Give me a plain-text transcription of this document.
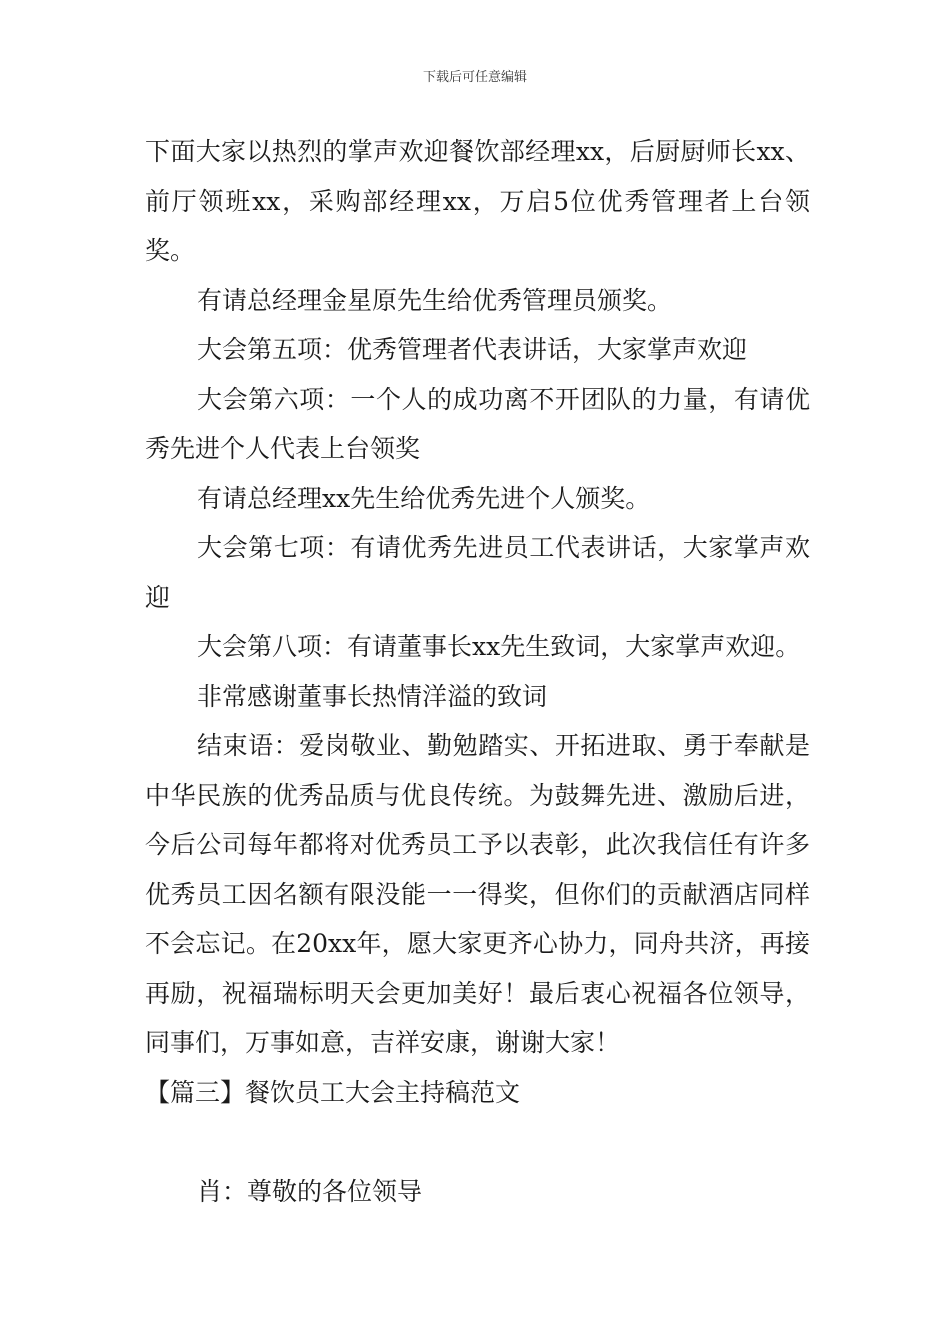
下载后可任意编辑

下面大家以热烈的掌声欢迎餐饮部经理xx，后厨厨师长xx、前厅领班xx，采购部经理xx，万启5位优秀管理者上台领奖。

有请总经理金星原先生给优秀管理员颁奖。

大会第五项：优秀管理者代表讲话，大家掌声欢迎

大会第六项：一个人的成功离不开团队的力量，有请优秀先进个人代表上台领奖

有请总经理xx先生给优秀先进个人颁奖。

大会第七项：有请优秀先进员工代表讲话，大家掌声欢迎

大会第八项：有请董事长xx先生致词，大家掌声欢迎。

非常感谢董事长热情洋溢的致词

结束语：爱岗敬业、勤勉踏实、开拓进取、勇于奉献是中华民族的优秀品质与优良传统。为鼓舞先进、激励后进，今后公司每年都将对优秀员工予以表彰，此次我信任有许多优秀员工因名额有限没能一一得奖，但你们的贡献酒店同样不会忘记。在20xx年，愿大家更齐心协力，同舟共济，再接再励，祝福瑞标明天会更加美好！最后衷心祝福各位领导，同事们，万事如意，吉祥安康，谢谢大家！

【篇三】餐饮员工大会主持稿范文

肖：尊敬的各位领导
